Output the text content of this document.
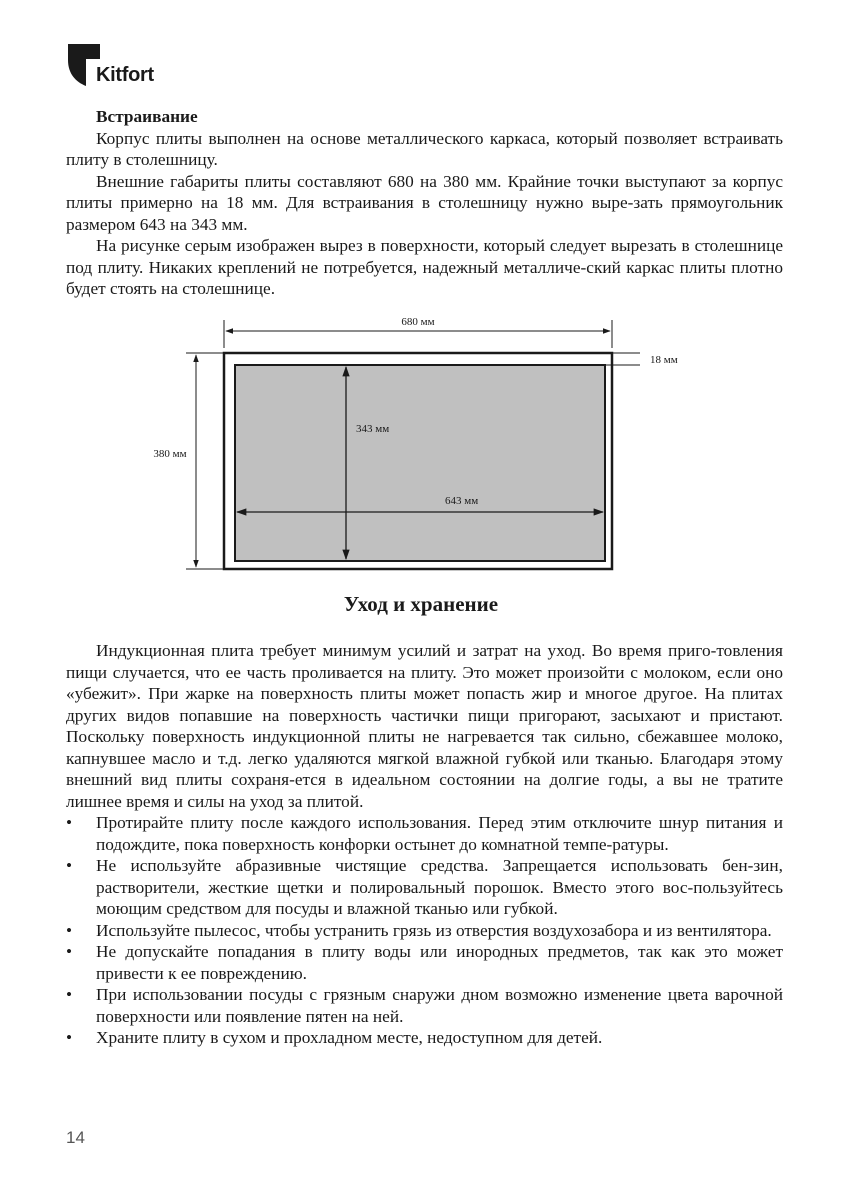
Kitfort

Встраивание

Корпус плиты выполнен на основе металлического каркаса, который позволяет встраивать плиту в столешницу.

Внешние габариты плиты составляют 680 на 380 мм. Крайние точки выступают за корпус плиты примерно на 18 мм. Для встраивания в столешницу нужно выре-зать прямоугольник размером 643 на 343 мм.

На рисунке серым изображен вырез в поверхности, который следует вырезать в столешнице под плиту. Никаких креплений не потребуется, надежный металличе-ский каркас плиты плотно будет стоять на столешнице.

680 мм
18 мм
380 мм
343 мм
643 мм
Уход и хранение

Индукционная плита требует минимум усилий и затрат на уход. Во время приго-товления пищи случается, что ее часть проливается на плиту. Это может произойти с молоком, если оно «убежит». При жарке на поверхность плиты может попасть жир и многое другое. На плитах других видов попавшие на поверхность частички пищи пригорают, засыхают и пристают. Поскольку поверхность индукционной плиты не нагревается так сильно, сбежавшее молоко, капнувшее масло и т.д. легко удаляются мягкой влажной губкой или тканью. Благодаря этому внешний вид плиты сохраня-ется в идеальном состоянии на долгие годы, а вы не тратите лишнее время и силы на уход за плитой.

• Протирайте плиту после каждого использования. Перед этим отключите шнур питания и подождите, пока поверхность конфорки остынет до комнатной темпе-ратуры.
• Не используйте абразивные чистящие средства. Запрещается использовать бен-зин, растворители, жесткие щетки и полировальный порошок. Вместо этого вос-пользуйтесь моющим средством для посуды и влажной тканью или губкой.
• Используйте пылесос, чтобы устранить грязь из отверстия воздухозабора и из вентилятора.
• Не допускайте попадания в плиту воды или инородных предметов, так как это может привести к ее повреждению.
• При использовании посуды с грязным снаружи дном возможно изменение цвета варочной поверхности или появление пятен на ней.
• Храните плиту в сухом и прохладном месте, недоступном для детей.
14
